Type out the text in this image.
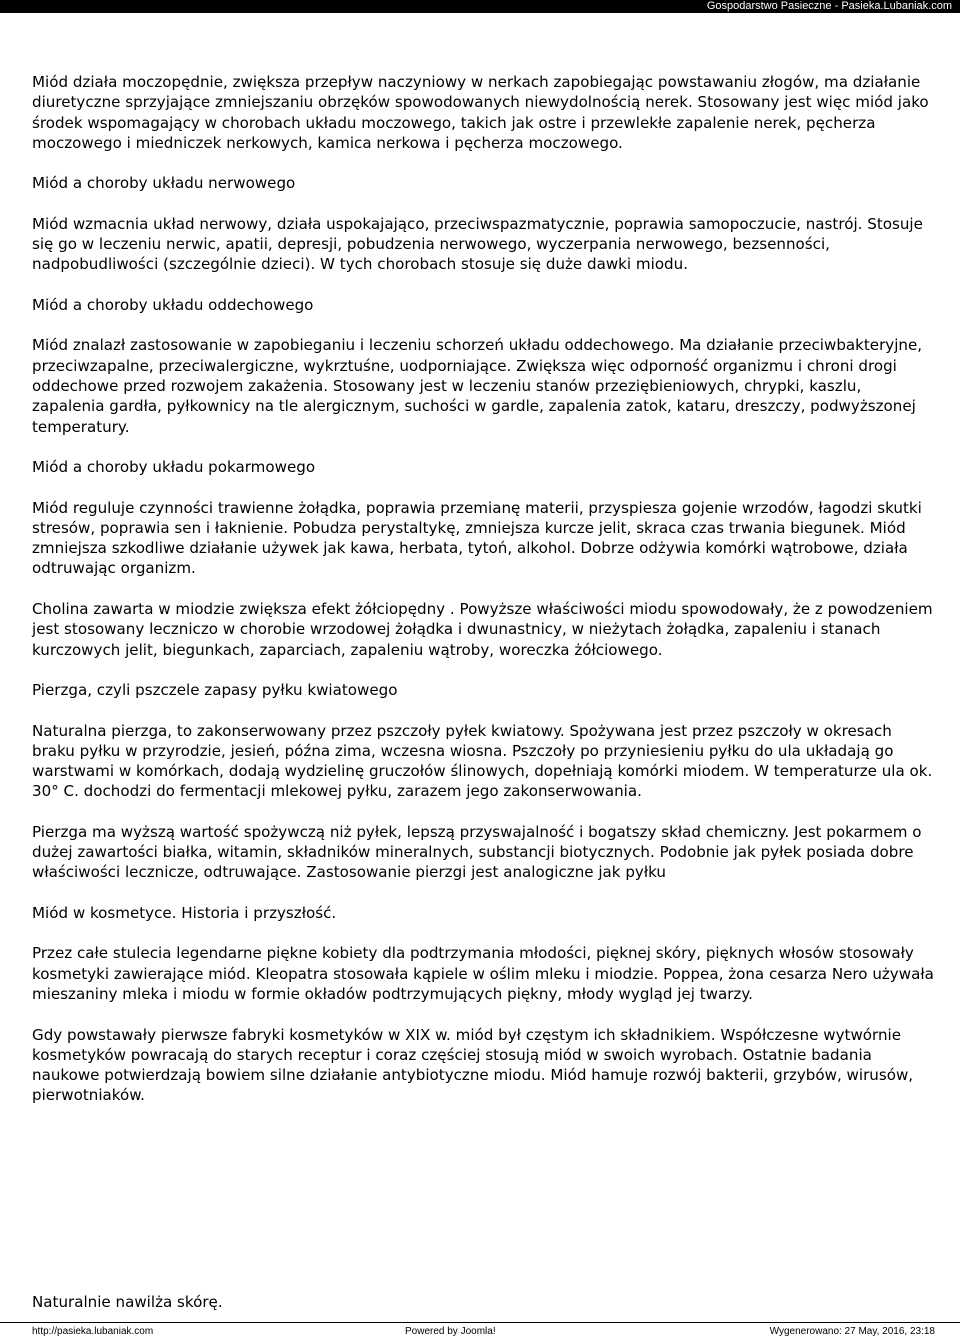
Gospodarstwo Pasieczne - Pasieka.Lubaniak.com

Miód działa moczopędnie, zwiększa przepływ naczyniowy w nerkach zapobiegając powstawaniu złogów, ma działanie diuretyczne sprzyjające zmniejszaniu obrzęków spowodowanych niewydolnością nerek. Stosowany jest więc miód jako środek wspomagający w chorobach układu moczowego, takich jak ostre i przewlekłe zapalenie nerek, pęcherza moczowego i miedniczek nerkowych, kamica nerkowa i pęcherza moczowego.

Miód a choroby układu nerwowego

Miód wzmacnia układ nerwowy, działa uspokajająco, przeciwspazmatycznie, poprawia samopoczucie, nastrój. Stosuje się go w leczeniu nerwic, apatii, depresji, pobudzenia nerwowego, wyczerpania nerwowego, bezsenności, nadpobudliwości (szczególnie dzieci). W tych chorobach stosuje się duże dawki miodu.

Miód a choroby układu oddechowego

Miód znalazł zastosowanie w zapobieganiu i leczeniu schorzeń układu oddechowego. Ma działanie przeciwbakteryjne, przeciwzapalne, przeciwalergiczne, wykrztuśne, uodporniające. Zwiększa więc odporność organizmu i chroni drogi oddechowe przed rozwojem zakażenia. Stosowany jest w leczeniu stanów przeziębieniowych, chrypki, kaszlu, zapalenia gardła, pyłkownicy na tle alergicznym, suchości w gardle, zapalenia zatok, kataru, dreszczy, podwyższonej temperatury.

Miód a choroby układu pokarmowego

Miód reguluje czynności trawienne żołądka, poprawia przemianę materii, przyspiesza gojenie wrzodów, łagodzi skutki stresów, poprawia sen i łaknienie. Pobudza perystaltykę, zmniejsza kurcze jelit, skraca czas trwania biegunek. Miód zmniejsza szkodliwe działanie używek jak kawa, herbata, tytoń, alkohol. Dobrze odżywia komórki wątrobowe, działa odtruwając organizm.

Cholina zawarta w miodzie zwiększa efekt żółciopędny . Powyższe właściwości miodu spowodowały, że z powodzeniem jest stosowany leczniczo w chorobie wrzodowej żołądka i dwunastnicy, w nieżytach żołądka, zapaleniu i stanach kurczowych jelit, biegunkach, zaparciach, zapaleniu wątroby, woreczka żółciowego.

Pierzga, czyli pszczele zapasy pyłku kwiatowego

Naturalna pierzga, to zakonserwowany przez pszczoły pyłek kwiatowy. Spożywana jest przez pszczoły w okresach braku pyłku w przyrodzie, jesień, późna zima, wczesna wiosna. Pszczoły po przyniesieniu pyłku do ula układają go warstwami w komórkach, dodają wydzielinę gruczołów ślinowych, dopełniają komórki miodem. W temperaturze ula ok. 30° C. dochodzi do fermentacji mlekowej pyłku, zarazem jego zakonserwowania.

Pierzga ma wyższą wartość spożywczą niż pyłek, lepszą przyswajalność i bogatszy skład chemiczny. Jest pokarmem o dużej zawartości białka, witamin, składników mineralnych, substancji biotycznych. Podobnie jak pyłek posiada dobre właściwości lecznicze, odtruwające. Zastosowanie pierzgi jest analogiczne jak pyłku

Miód w kosmetyce. Historia i przyszłość.

Przez całe stulecia legendarne piękne kobiety dla podtrzymania młodości, pięknej skóry, pięknych włosów stosowały kosmetyki zawierające miód. Kleopatra stosowała kąpiele w oślim mleku i miodzie. Poppea, żona cesarza Nero używała mieszaniny mleka i miodu w formie okładów podtrzymujących piękny, młody wygląd jej twarzy.

Gdy powstawały pierwsze fabryki kosmetyków w XIX w. miód był częstym ich składnikiem. Współczesne wytwórnie kosmetyków powracają do starych receptur i coraz częściej stosują miód w swoich wyrobach. Ostatnie badania naukowe potwierdzają bowiem silne działanie antybiotyczne miodu. Miód hamuje rozwój bakterii, grzybów, wirusów, pierwotniaków.

Naturalnie nawilża skórę.
http://pasieka.lubaniak.com	Powered by Joomla!	Wygenerowano: 27 May, 2016, 23:18
